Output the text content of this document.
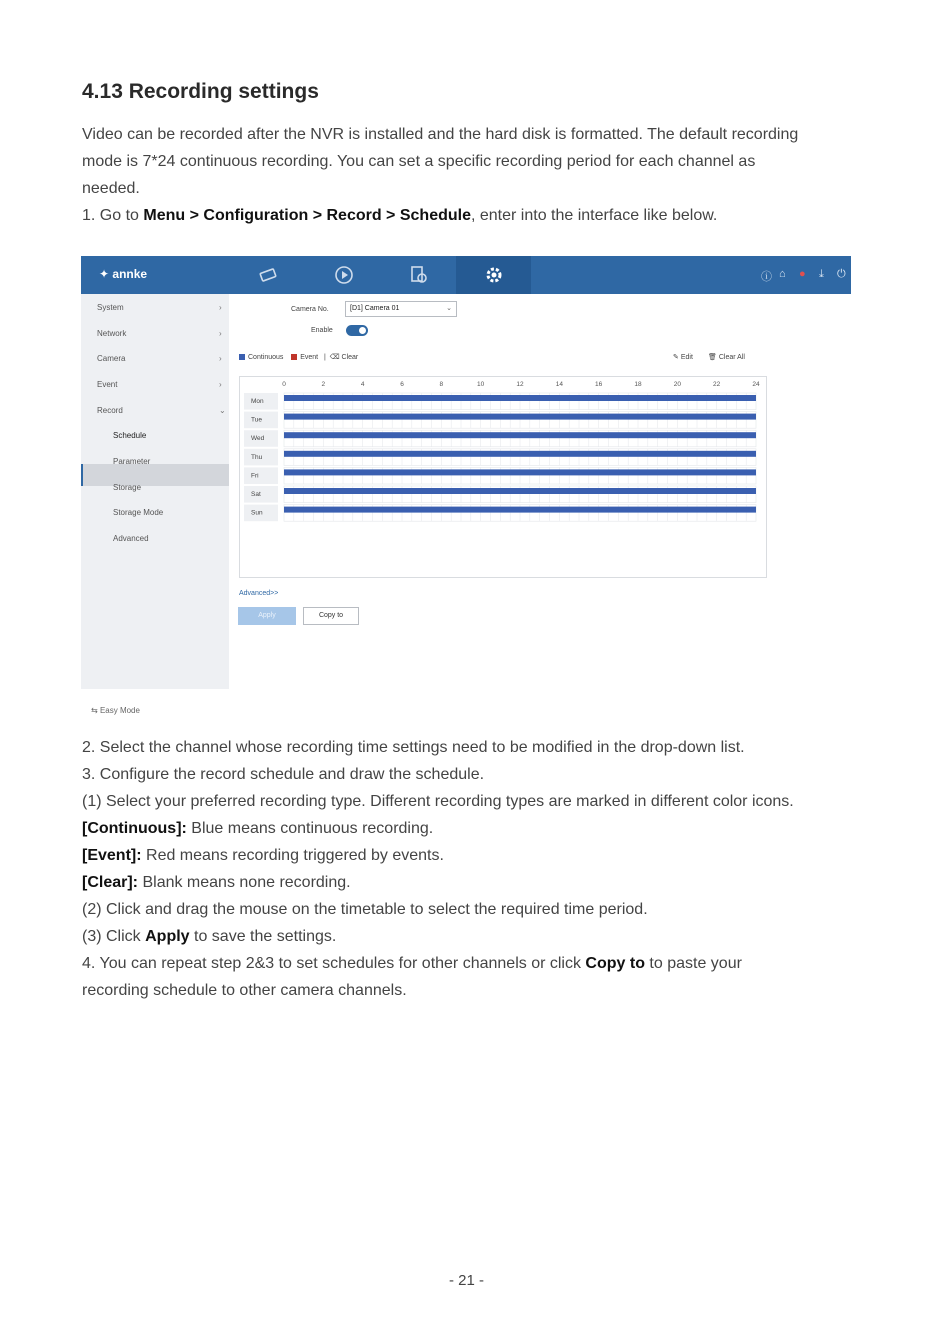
4.13 Recording settings

Video can be recorded after the NVR is installed and the hard disk is formatted. The default recording

mode is 7*24 continuous recording. You can set a specific recording period for each channel as

needed.

1. Go to Menu > Configuration > Record > Schedule, enter into the interface like below.

✦ annke	ⓘ ⌂ ● ⤓ ⏻
System	›
Network	›
Camera	›
Event	›
Record	⌄
Schedule
Parameter
Storage
Storage Mode
Advanced
⇆ Easy Mode
Camera No.	[D1] Camera 01	⌄
Enable
Continuous Event   |  ⌫ Clear	✎ Edit 🗑 Clear All
0	2	4	6	8	10	12	14	16	18	20	22	24
Mon
Tue
Wed
Thu
Fri
Sat
Sun
Advanced>>
Apply	Copy to

2. Select the channel whose recording time settings need to be modified in the drop-down list.

3. Configure the record schedule and draw the schedule.

(1) Select your preferred recording type. Different recording types are marked in different color icons.

[Continuous]: Blue means continuous recording.

[Event]: Red means recording triggered by events.

[Clear]: Blank means none recording.

(2) Click and drag the mouse on the timetable to select the required time period.

(3) Click Apply to save the settings.

4. You can repeat step 2&3 to set schedules for other channels or click Copy to to paste your

recording schedule to other camera channels.

- 21 -
